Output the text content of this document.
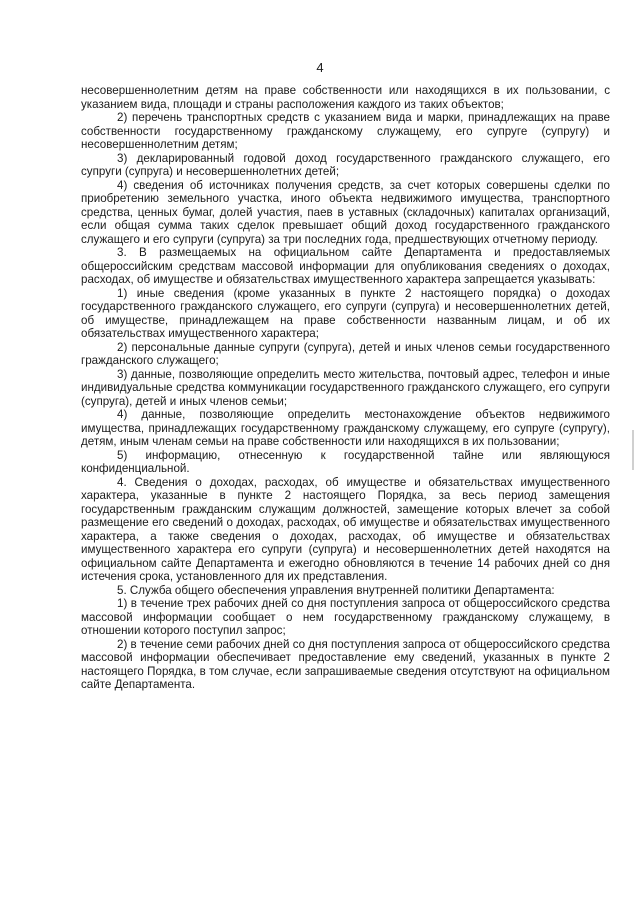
4

несовершеннолетним детям на праве собственности или находящихся в их пользовании, с указанием вида, площади и страны расположения каждого из таких объектов;

2) перечень транспортных средств с указанием вида и марки, принадлежащих на праве собственности государственному гражданскому служащему, его супруге (супругу) и несовершеннолетним детям;

3) декларированный годовой доход государственного гражданского служащего, его супруги (супруга) и несовершеннолетних детей;

4) сведения об источниках получения средств, за счет которых совершены сделки по приобретению земельного участка, иного объекта недвижимого имущества, транспортного средства, ценных бумаг, долей участия, паев в уставных (складочных) капиталах организаций, если общая сумма таких сделок превышает общий доход государственного гражданского служащего и его супруги (супруга) за три последних года, предшествующих отчетному периоду.

3. В размещаемых на официальном сайте Департамента и предоставляемых общероссийским средствам массовой информации для опубликования сведениях о доходах, расходах, об имуществе и обязательствах имущественного характера запрещается указывать:

1) иные сведения (кроме указанных в пункте 2 настоящего порядка) о доходах государственного гражданского служащего, его супруги (супруга) и несовершеннолетних детей, об имуществе, принадлежащем на праве собственности названным лицам, и об их обязательствах имущественного характера;

2) персональные данные супруги (супруга), детей и иных членов семьи государственного гражданского служащего;

3) данные, позволяющие определить место жительства, почтовый адрес, телефон и иные индивидуальные средства коммуникации государственного гражданского служащего, его супруги (супруга), детей и иных членов семьи;

4) данные, позволяющие определить местонахождение объектов недвижимого имущества, принадлежащих государственному гражданскому служащему, его супруге (супругу), детям, иным членам семьи на праве собственности или находящихся в их пользовании;

5) информацию, отнесенную к государственной тайне или являющуюся конфиденциальной.

4. Сведения о доходах, расходах, об имуществе и обязательствах имущественного характера, указанные в пункте 2 настоящего Порядка, за весь период замещения государственным гражданским служащим должностей, замещение которых влечет за собой размещение его сведений о доходах, расходах, об имуществе и обязательствах имущественного характера, а также сведения о доходах, расходах, об имуществе и обязательствах имущественного характера его супруги (супруга) и несовершеннолетних детей находятся на официальном сайте Департамента и ежегодно обновляются в течение 14 рабочих дней со дня истечения срока, установленного для их представления.

5. Служба общего обеспечения управления внутренней политики Департамента:

1) в течение трех рабочих дней со дня поступления запроса от общероссийского средства массовой информации сообщает о нем государственному гражданскому служащему, в отношении которого поступил запрос;

2) в течение семи рабочих дней со дня поступления запроса от общероссийского средства массовой информации обеспечивает предоставление ему сведений, указанных в пункте 2 настоящего Порядка, в том случае, если запрашиваемые сведения отсутствуют на официальном сайте Департамента.
